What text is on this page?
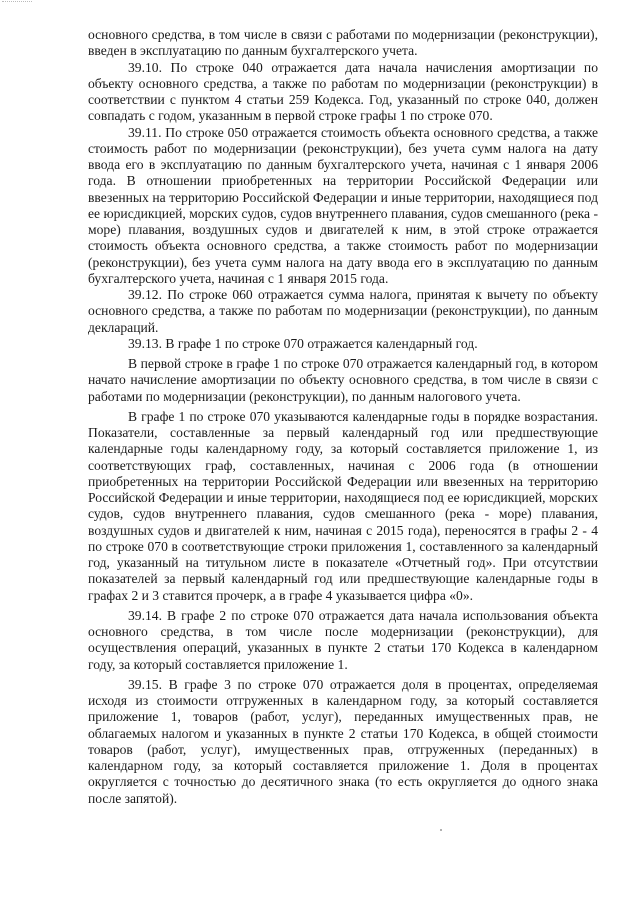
основного средства, в том числе в связи с работами по модернизации (реконструкции), введен в эксплуатацию по данным бухгалтерского учета.

39.10. По строке 040 отражается дата начала начисления амортизации по объекту основного средства, а также по работам по модернизации (реконструкции) в соответствии с пунктом 4 статьи 259 Кодекса. Год, указанный по строке 040, должен совпадать с годом, указанным в первой строке графы 1 по строке 070.

39.11. По строке 050 отражается стоимость объекта основного средства, а также стоимость работ по модернизации (реконструкции), без учета сумм налога на дату ввода его в эксплуатацию по данным бухгалтерского учета, начиная с 1 января 2006 года. В отношении приобретенных на территории Российской Федерации или ввезенных на территорию Российской Федерации и иные территории, находящиеся под ее юрисдикцией, морских судов, судов внутреннего плавания, судов смешанного (река - море) плавания, воздушных судов и двигателей к ним, в этой строке отражается стоимость объекта основного средства, а также стоимость работ по модернизации (реконструкции), без учета сумм налога на дату ввода его в эксплуатацию по данным бухгалтерского учета, начиная с 1 января 2015 года.

39.12. По строке 060 отражается сумма налога, принятая к вычету по объекту основного средства, а также по работам по модернизации (реконструкции), по данным деклараций.

39.13. В графе 1 по строке 070 отражается календарный год.

В первой строке в графе 1 по строке 070 отражается календарный год, в котором начато начисление амортизации по объекту основного средства, в том числе в связи с работами по модернизации (реконструкции), по данным налогового учета.

В графе 1 по строке 070 указываются календарные годы в порядке возрастания. Показатели, составленные за первый календарный год или предшествующие календарные годы календарному году, за который составляется приложение 1, из соответствующих граф, составленных, начиная с 2006 года (в отношении приобретенных на территории Российской Федерации или ввезенных на территорию Российской Федерации и иные территории, находящиеся под ее юрисдикцией, морских судов, судов внутреннего плавания, судов смешанного (река - море) плавания, воздушных судов и двигателей к ним, начиная с 2015 года), переносятся в графы 2 - 4 по строке 070 в соответствующие строки приложения 1, составленного за календарный год, указанный на титульном листе в показателе «Отчетный год». При отсутствии показателей за первый календарный год или предшествующие календарные годы в графах 2 и 3 ставится прочерк, а в графе 4 указывается цифра «0».

39.14. В графе 2 по строке 070 отражается дата начала использования объекта основного средства, в том числе после модернизации (реконструкции), для осуществления операций, указанных в пункте 2 статьи 170 Кодекса в календарном году, за который составляется приложение 1.

39.15. В графе 3 по строке 070 отражается доля в процентах, определяемая исходя из стоимости отгруженных в календарном году, за который составляется приложение 1, товаров (работ, услуг), переданных имущественных прав, не облагаемых налогом и указанных в пункте 2 статьи 170 Кодекса, в общей стоимости товаров (работ, услуг), имущественных прав, отгруженных (переданных) в календарном году, за который составляется приложение 1. Доля в процентах округляется с точностью до десятичного знака (то есть округляется до одного знака после запятой).
